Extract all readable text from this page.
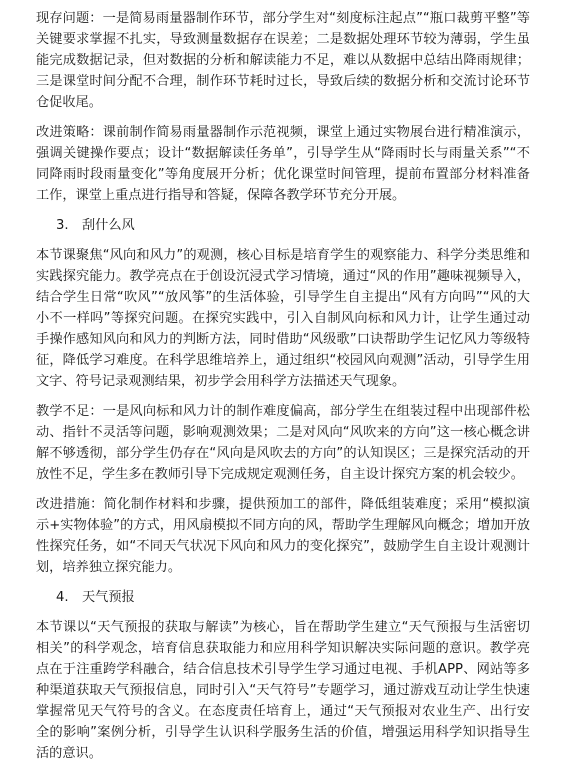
现存问题：一是简易雨量器制作环节，部分学生对“刻度标注起点”“瓶口裁剪平整”等关键要求掌握不扎实，导致测量数据存在误差；二是数据处理环节较为薄弱，学生虽能完成数据记录，但对数据的分析和解读能力不足，难以从数据中总结出降雨规律；三是课堂时间分配不合理，制作环节耗时过长，导致后续的数据分析和交流讨论环节仓促收尾。

改进策略：课前制作简易雨量器制作示范视频，课堂上通过实物展台进行精准演示，强调关键操作要点；设计“数据解读任务单”，引导学生从“降雨时长与雨量关系”“不同降雨时段雨量变化”等角度展开分析；优化课堂时间管理，提前布置部分材料准备工作，课堂上重点进行指导和答疑，保障各教学环节充分开展。

3. 刮什么风

本节课聚焦“风向和风力”的观测，核心目标是培育学生的观察能力、科学分类思维和实践探究能力。教学亮点在于创设沉浸式学习情境，通过“风的作用”趣味视频导入，结合学生日常“吹风”“放风筝”的生活体验，引导学生自主提出“风有方向吗”“风的大小不一样吗”等探究问题。在探究实践中，引入自制风向标和风力计，让学生通过动手操作感知风向和风力的判断方法，同时借助“风级歌”口诀帮助学生记忆风力等级特征，降低学习难度。在科学思维培养上，通过组织“校园风向观测”活动，引导学生用文字、符号记录观测结果，初步学会用科学方法描述天气现象。

教学不足：一是风向标和风力计的制作难度偏高，部分学生在组装过程中出现部件松动、指针不灵活等问题，影响观测效果；二是对风向“风吹来的方向”这一核心概念讲解不够透彻，部分学生仍存在“风向是风吹去的方向”的认知误区；三是探究活动的开放性不足，学生多在教师引导下完成规定观测任务，自主设计探究方案的机会较少。

改进措施：简化制作材料和步骤，提供预加工的部件，降低组装难度；采用“模拟演示+实物体验”的方式，用风扇模拟不同方向的风，帮助学生理解风向概念；增加开放性探究任务，如“不同天气状况下风向和风力的变化探究”，鼓励学生自主设计观测计划，培养独立探究能力。

4. 天气预报

本节课以“天气预报的获取与解读”为核心，旨在帮助学生建立“天气预报与生活密切相关”的科学观念，培育信息获取能力和应用科学知识解决实际问题的意识。教学亮点在于注重跨学科融合，结合信息技术引导学生学习通过电视、手机APP、网站等多种渠道获取天气预报信息，同时引入“天气符号”专题学习，通过游戏互动让学生快速掌握常见天气符号的含义。在态度责任培育上，通过“天气预报对农业生产、出行安全的影响”案例分析，引导学生认识科学服务生活的价值，增强运用科学知识指导生活的意识。
